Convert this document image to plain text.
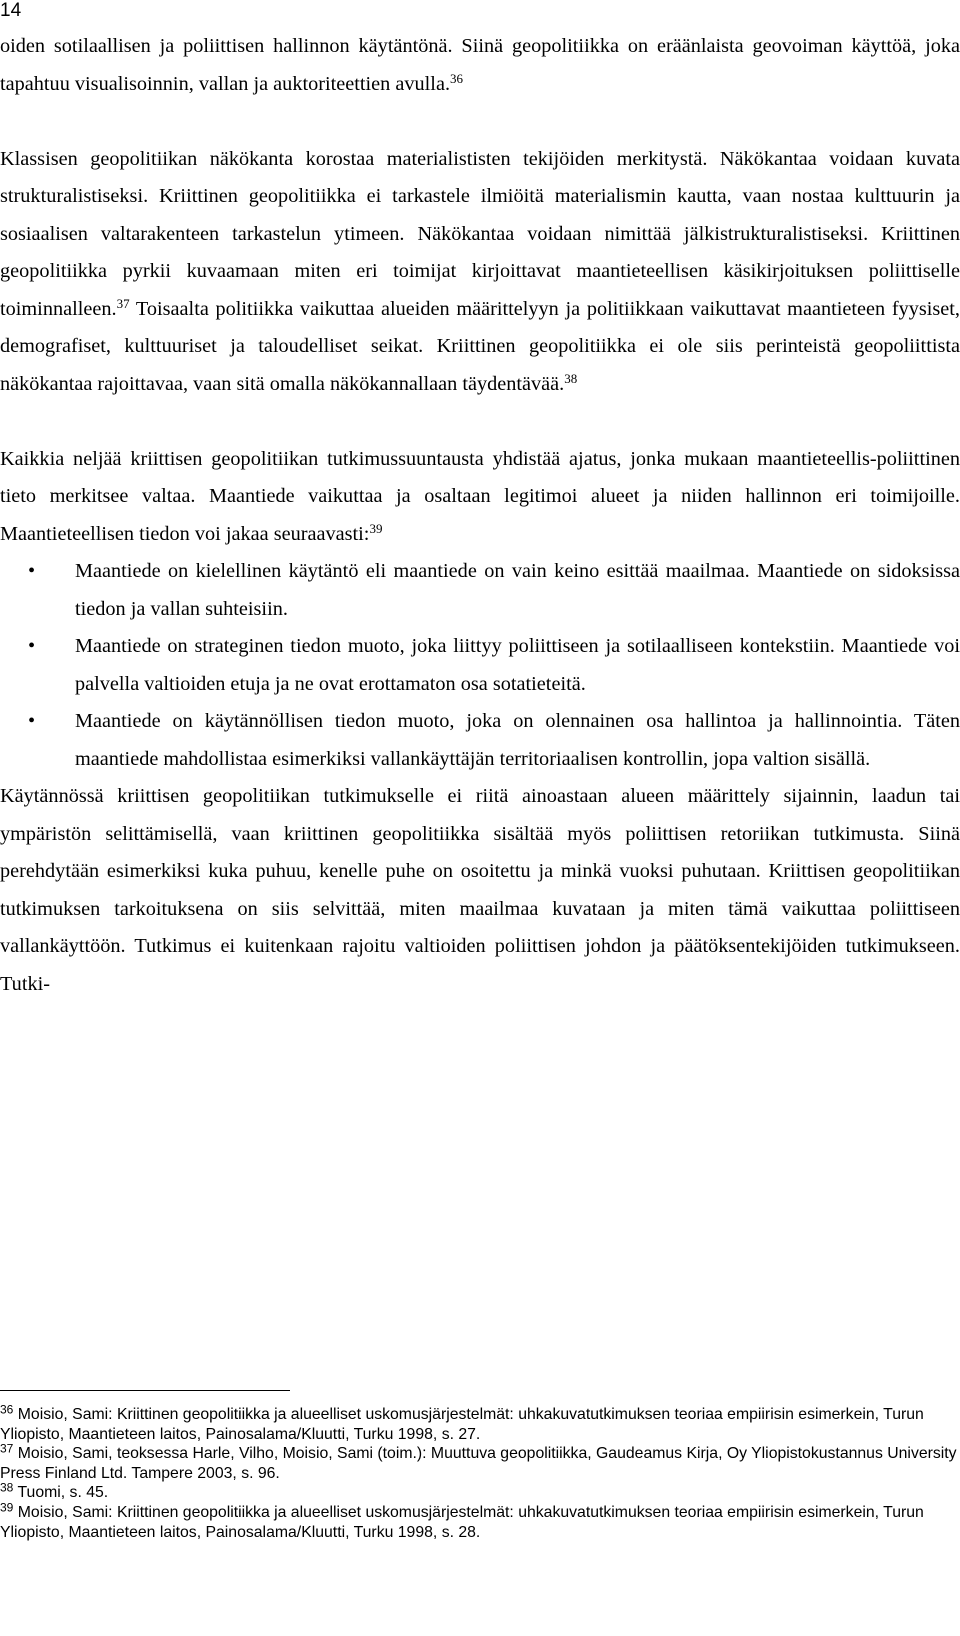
14

oiden sotilaallisen ja poliittisen hallinnon käytäntönä. Siinä geopolitiikka on eräänlaista geovoiman käyttöä, joka tapahtuu visualisoinnin, vallan ja auktoriteettien avulla.$^{36}$

Klassisen geopolitiikan näkökanta korostaa materialististen tekijöiden merkitystä. Näkökantaa voidaan kuvata strukturalistiseksi. Kriittinen geopolitiikka ei tarkastele ilmiöitä materialismin kautta, vaan nostaa kulttuurin ja sosiaalisen valtarakenteen tarkastelun ytimeen. Näkökantaa voidaan nimittää jälkistrukturalistiseksi. Kriittinen geopolitiikka pyrkii kuvaamaan miten eri toimijat kirjoittavat maantieteellisen käsikirjoituksen poliittiselle toiminnalleen.$^{37}$ Toisaalta politiikka vaikuttaa alueiden määrittelyyn ja politiikkaan vaikuttavat maantieteen fyysiset, demografiset, kulttuuriset ja taloudelliset seikat. Kriittinen geopolitiikka ei ole siis perinteistä geopoliittista näkökantaa rajoittavaa, vaan sitä omalla näkökannallaan täydentävää.$^{38}$

Kaikkia neljää kriittisen geopolitiikan tutkimussuuntausta yhdistää ajatus, jonka mukaan maantieteellis-poliittinen tieto merkitsee valtaa. Maantiede vaikuttaa ja osaltaan legitimoi alueet ja niiden hallinnon eri toimijoille. Maantieteellisen tiedon voi jakaa seuraavasti:$^{39}$

• Maantiede on kielellinen käytäntö eli maantiede on vain keino esittää maailmaa. Maantiede on sidoksissa tiedon ja vallan suhteisiin.
• Maantiede on strateginen tiedon muoto, joka liittyy poliittiseen ja sotilaalliseen kontekstiin. Maantiede voi palvella valtioiden etuja ja ne ovat erottamaton osa sotatieteitä.
• Maantiede on käytännöllisen tiedon muoto, joka on olennainen osa hallintoa ja hallinnointia. Täten maantiede mahdollistaa esimerkiksi vallankäyttäjän territoriaalisen kontrollin, jopa valtion sisällä.

Käytännössä kriittisen geopolitiikan tutkimukselle ei riitä ainoastaan alueen määrittely sijainnin, laadun tai ympäristön selittämisellä, vaan kriittinen geopolitiikka sisältää myös poliittisen retoriikan tutkimusta. Siinä perehdytään esimerkiksi kuka puhuu, kenelle puhe on osoitettu ja minkä vuoksi puhutaan. Kriittisen geopolitiikan tutkimuksen tarkoituksena on siis selvittää, miten maailmaa kuvataan ja miten tämä vaikuttaa poliittiseen vallankäyttöön. Tutkimus ei kuitenkaan rajoitu valtioiden poliittisen johdon ja päätöksentekijöiden tutkimukseen. Tutki-

$^{36}$ Moisio, Sami: Kriittinen geopolitiikka ja alueelliset uskomusjärjestelmät: uhkakuvatutkimuksen teoriaa empiirisin esimerkein, Turun Yliopisto, Maantieteen laitos, Painosalama/Kluutti, Turku 1998, s. 27.

$^{37}$ Moisio, Sami, teoksessa Harle, Vilho, Moisio, Sami (toim.): Muuttuva geopolitiikka, Gaudeamus Kirja, Oy Yliopistokustannus University Press Finland Ltd. Tampere 2003, s. 96.

$^{38}$ Tuomi, s. 45.

$^{39}$ Moisio, Sami: Kriittinen geopolitiikka ja alueelliset uskomusjärjestelmät: uhkakuvatutkimuksen teoriaa empiirisin esimerkein, Turun Yliopisto, Maantieteen laitos, Painosalama/Kluutti, Turku 1998, s. 28.
